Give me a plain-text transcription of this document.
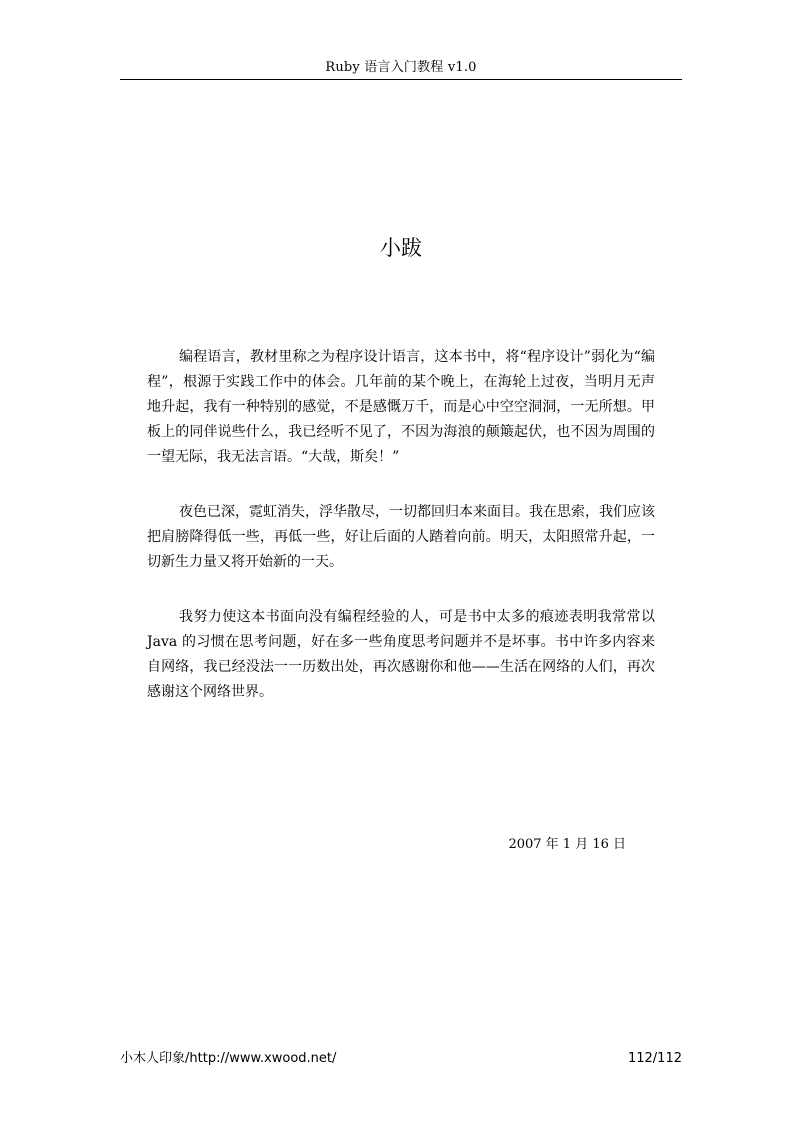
Ruby 语言入门教程 v1.0
小跋

编程语言，教材里称之为程序设计语言，这本书中，将“程序设计”弱化为“编程”，根源于实践工作中的体会。几年前的某个晚上，在海轮上过夜，当明月无声地升起，我有一种特别的感觉，不是感慨万千，而是心中空空洞洞，一无所想。甲板上的同伴说些什么，我已经听不见了，不因为海浪的颠簸起伏，也不因为周围的一望无际，我无法言语。“大哉，斯矣！”

夜色已深，霓虹消失，浮华散尽，一切都回归本来面目。我在思索，我们应该把肩膀降得低一些，再低一些，好让后面的人踏着向前。明天，太阳照常升起，一切新生力量又将开始新的一天。

我努力使这本书面向没有编程经验的人，可是书中太多的痕迹表明我常常以 Java 的习惯在思考问题，好在多一些角度思考问题并不是坏事。书中许多内容来自网络，我已经没法一一历数出处，再次感谢你和他——生活在网络的人们，再次感谢这个网络世界。

2007 年 1 月 16 日
小木人印象/http://www.xwood.net/	112/112
